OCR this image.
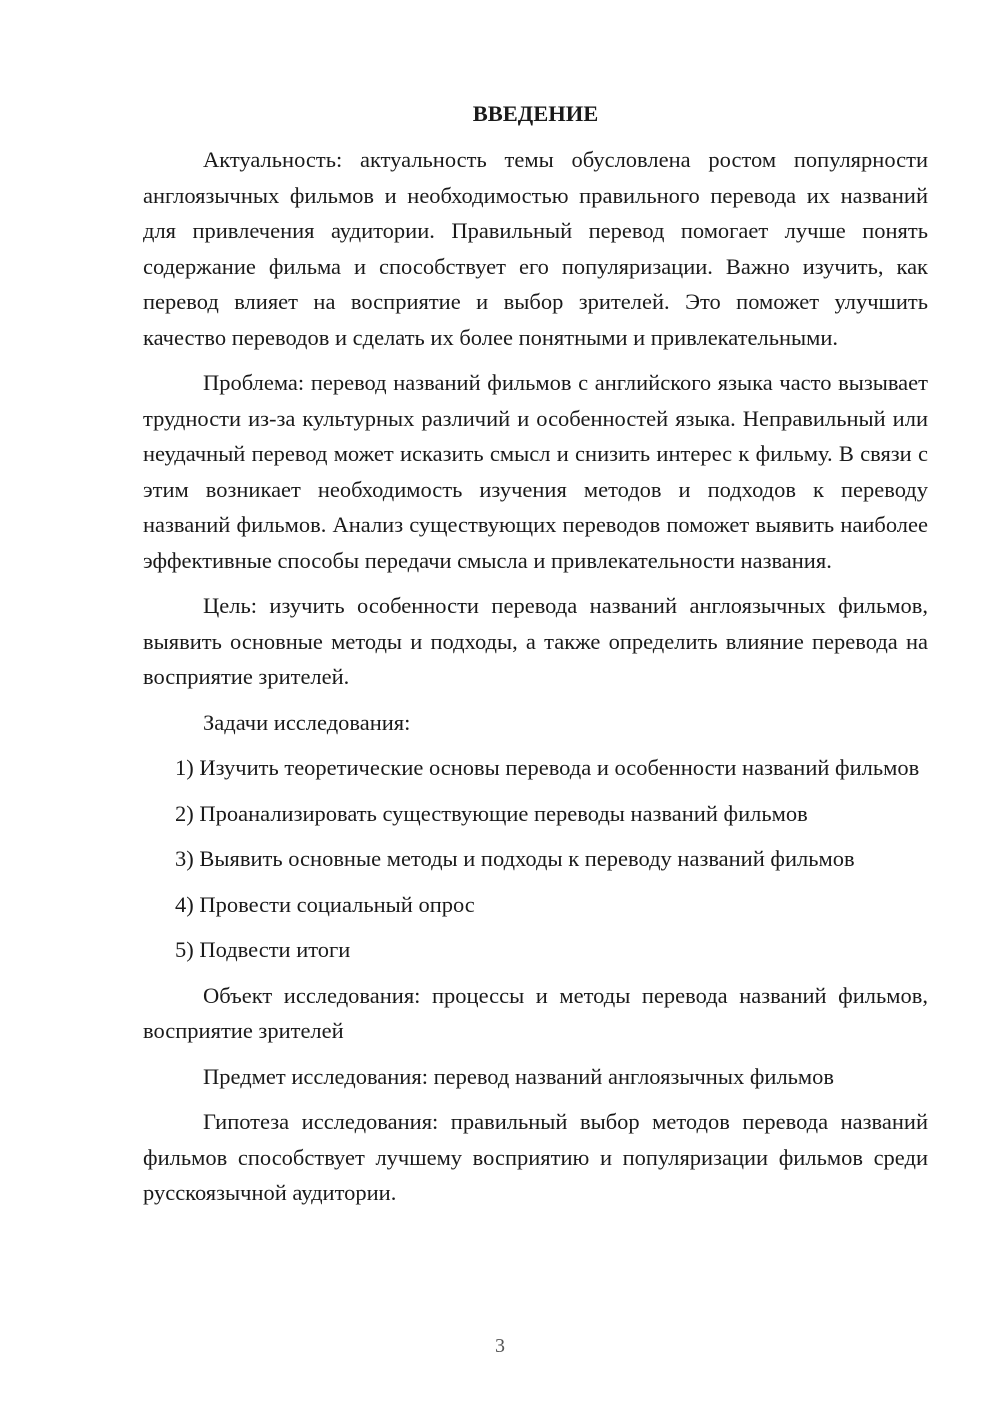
ВВЕДЕНИЕ

Актуальность: актуальность темы обусловлена ростом популярности англоязычных фильмов и необходимостью правильного перевода их названий для привлечения аудитории. Правильный перевод помогает лучше понять содержание фильма и способствует его популяризации. Важно изучить, как перевод влияет на восприятие и выбор зрителей. Это поможет улучшить качество переводов и сделать их более понятными и привлекательными.

Проблема: перевод названий фильмов с английского языка часто вызывает трудности из-за культурных различий и особенностей языка. Неправильный или неудачный перевод может исказить смысл и снизить интерес к фильму. В связи с этим возникает необходимость изучения методов и подходов к переводу названий фильмов. Анализ существующих переводов поможет выявить наиболее эффективные способы передачи смысла и привлекательности названия.

Цель: изучить особенности перевода названий англоязычных фильмов, выявить основные методы и подходы, а также определить влияние перевода на восприятие зрителей.

Задачи исследования:

1) Изучить теоретические основы перевода и особенности названий фильмов

2) Проанализировать существующие переводы названий фильмов

3) Выявить основные методы и подходы к переводу названий фильмов

4) Провести социальный опрос

5) Подвести итоги

Объект исследования: процессы и методы перевода названий фильмов, восприятие зрителей

Предмет исследования: перевод названий англоязычных фильмов

Гипотеза исследования: правильный выбор методов перевода названий фильмов способствует лучшему восприятию и популяризации фильмов среди русскоязычной аудитории.

3
